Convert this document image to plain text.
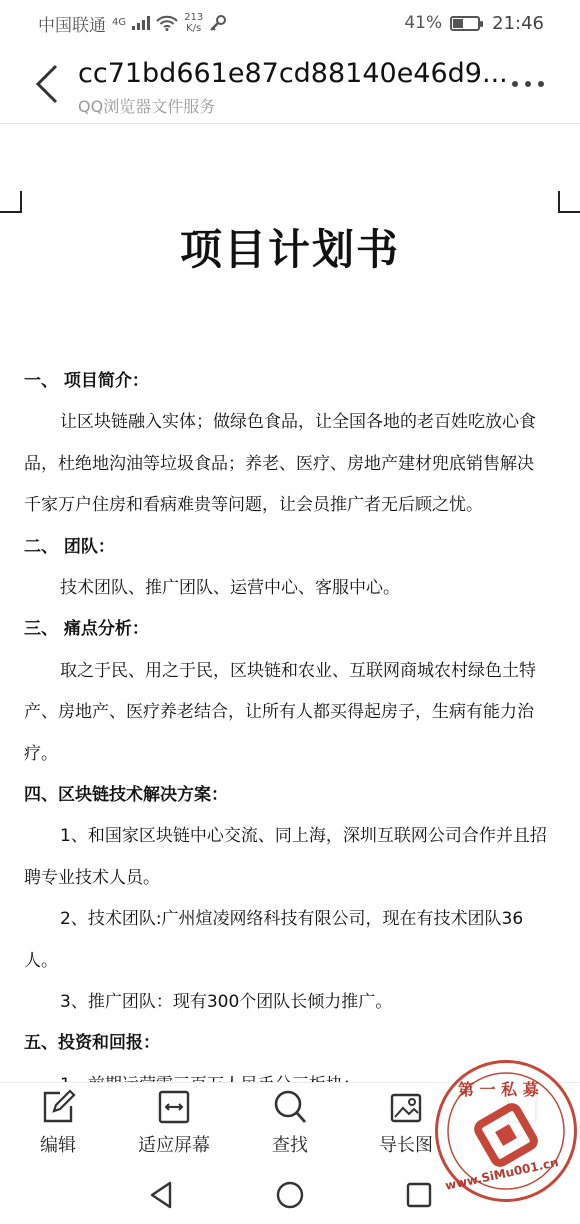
中国联通 4G	213
K/s	41%	21:46
cc71bd661e87cd88140e46d9...
QQ浏览器文件服务
项目计划书
一、 项目简介：
让区块链融入实体；做绿色食品，让全国各地的老百姓吃放心食
品，杜绝地沟油等垃圾食品；养老、医疗、房地产建材兜底销售解决
千家万户住房和看病难贵等问题，让会员推广者无后顾之忧。
二、 团队：
技术团队、推广团队、运营中心、客服中心。
三、 痛点分析：
取之于民、用之于民，区块链和农业、互联网商城农村绿色土特
产、房地产、医疗养老结合，让所有人都买得起房子，生病有能力治
疗。
四、区块链技术解决方案：
1、和国家区块链中心交流、同上海，深圳互联网公司合作并且招
聘专业技术人员。
2、技术团队:广州煊凌网络科技有限公司，现在有技术团队36
人。
3、推广团队：现有300个团队长倾力推广。
五、投资和回报：
编辑	适应屏幕	查找	导长图
第 一 私 募
www.SiMu001.cn
